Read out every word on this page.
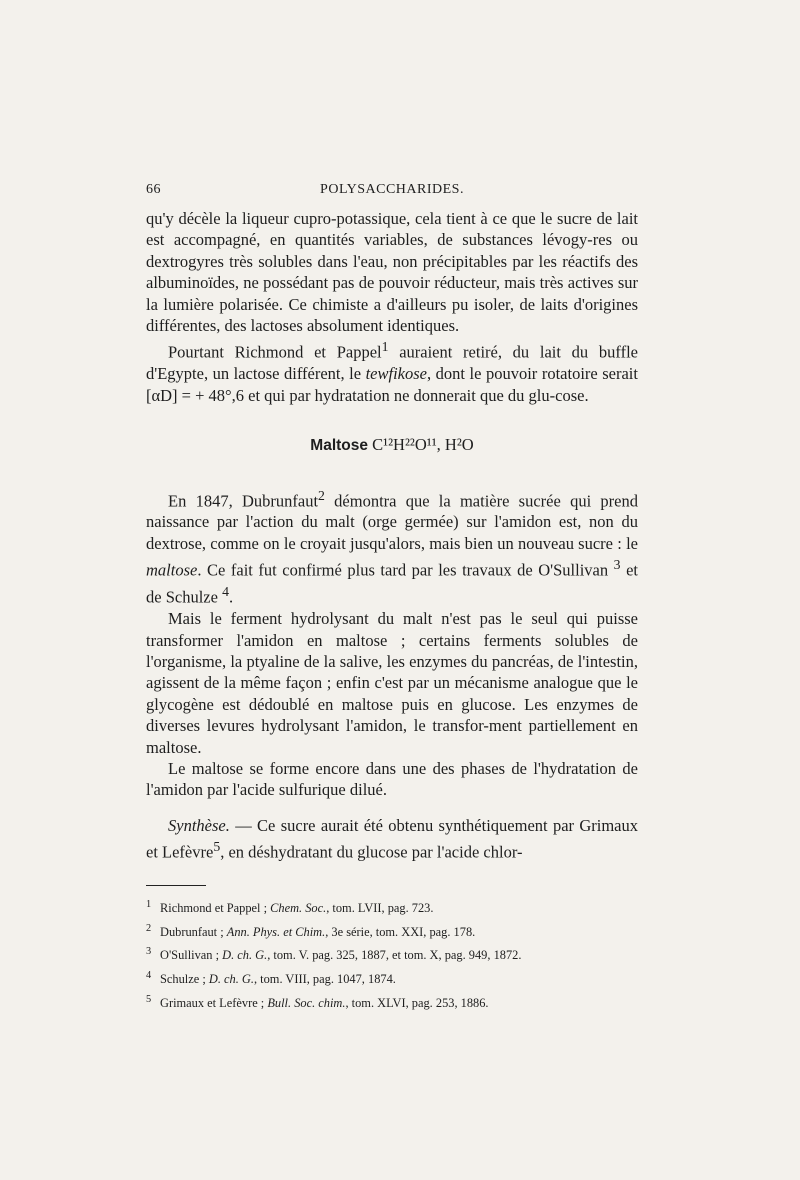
66	POLYSACCHARIDES.

qu'y décèle la liqueur cupro-potassique, cela tient à ce que le sucre de lait est accompagné, en quantités variables, de substances lévogy-res ou dextrogyres très solubles dans l'eau, non précipitables par les réactifs des albuminoïdes, ne possédant pas de pouvoir réducteur, mais très actives sur la lumière polarisée. Ce chimiste a d'ailleurs pu isoler, de laits d'origines différentes, des lactoses absolument identiques.

Pourtant Richmond et Pappel$^1$ auraient retiré, du lait du buffle d'Egypte, un lactose différent, le tewfikose, dont le pouvoir rotatoire serait [αD] = + 48°,6 et qui par hydratation ne donnerait que du glu-cose.

Maltose C¹²H²²O¹¹, H²O

En 1847, Dubrunfaut$^2$ démontra que la matière sucrée qui prend naissance par l'action du malt (orge germée) sur l'amidon est, non du dextrose, comme on le croyait jusqu'alors, mais bien un nouveau sucre : le maltose. Ce fait fut confirmé plus tard par les travaux de O'Sullivan $^3$ et de Schulze $^4$.

Mais le ferment hydrolysant du malt n'est pas le seul qui puisse transformer l'amidon en maltose ; certains ferments solubles de l'organisme, la ptyaline de la salive, les enzymes du pancréas, de l'intestin, agissent de la même façon ; enfin c'est par un mécanisme analogue que le glycogène est dédoublé en maltose puis en glucose. Les enzymes de diverses levures hydrolysant l'amidon, le transfor-ment partiellement en maltose.

Le maltose se forme encore dans une des phases de l'hydratation de l'amidon par l'acide sulfurique dilué.

Synthèse. — Ce sucre aurait été obtenu synthétiquement par Grimaux et Lefèvre$^5$, en déshydratant du glucose par l'acide chlor-

$^1$ Richmond et Pappel ; Chem. Soc., tom. LVII, pag. 723.
$^2$ Dubrunfaut ; Ann. Phys. et Chim., 3e série, tom. XXI, pag. 178.
$^3$ O'Sullivan ; D. ch. G., tom. V. pag. 325, 1887, et tom. X, pag. 949, 1872.
$^4$ Schulze ; D. ch. G., tom. VIII, pag. 1047, 1874.
$^5$ Grimaux et Lefèvre ; Bull. Soc. chim., tom. XLVI, pag. 253, 1886.
